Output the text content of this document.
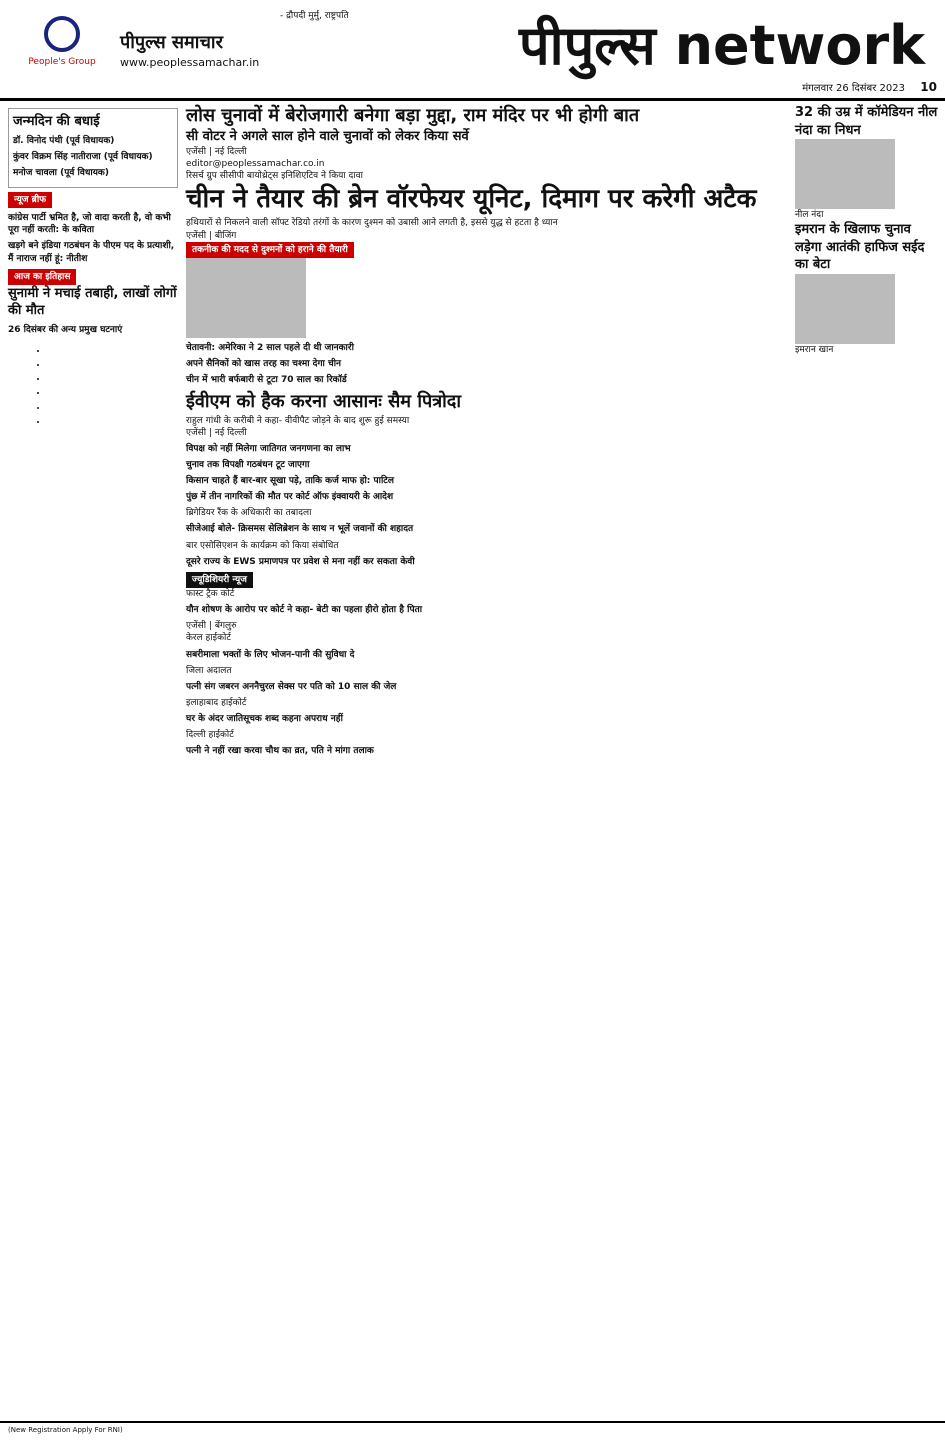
People's Group
पीपुल्स समाचार
www.peoplessamachar.in
- द्रौपदी मुर्मु, राष्ट्रपति	पीपुल्स network
मंगलवार 26 दिसंबर 2023 10
जन्मदिन की बधाई
डॉ. विनोद पंथी (पूर्व विधायक)
कुंवर विक्रम सिंह नातीराजा (पूर्व विधायक)
मनोज चावला (पूर्व विधायक)
न्यूज ब्रीफ
कांग्रेस पार्टी भ्रमित है, जो वादा करती है, वो कभी पूरा नहीं करती: के कविता
खड़गे बने इंडिया गठबंधन के पीएम पद के प्रत्याशी, मैं नाराज नहीं हूं: नीतीश
आज का इतिहास
सुनामी ने मचाई तबाही, लाखों लोगों की मौत
26 दिसंबर की अन्य प्रमुख घटनाएं
•
•
•
•
•
•
लोस चुनावों में बेरोजगारी बनेगा बड़ा मुद्दा, राम मंदिर पर भी होगी बात
सी वोटर ने अगले साल होने वाले चुनावों को लेकर किया सर्वे
एजेंसी | नई दिल्ली
editor@peoplessamachar.co.in
रिसर्च ग्रुप सीसीपी बायोथ्रेट्स इनिशिएटिव ने किया दावा
चीन ने तैयार की ब्रेन वॉरफेयर यूनिट, दिमाग पर करेगी अटैक
हथियारों से निकलने वाली सॉफ्ट रेडियो तरंगों के कारण दुश्मन को उबासी आने लगती है, इससे युद्ध से हटता है ध्यान
एजेंसी | बीजिंग
तकनीक की मदद से दुश्मनों को हराने की तैयारी
चेतावनी: अमेरिका ने 2 साल पहले दी थी जानकारी
अपने सैनिकों को खास तरह का चश्मा देगा चीन
चीन में भारी बर्फबारी से टूटा 70 साल का रिकॉर्ड
ईवीएम को हैक करना आसानः सैम पित्रोदा
राहुल गांधी के करीबी ने कहा- वीवीपैट जोड़ने के बाद शुरू हुई समस्या
एजेंसी | नई दिल्ली
विपक्ष को नहीं मिलेगा जातिगत जनगणना का लाभ
चुनाव तक विपक्षी गठबंधन टूट जाएगा
किसान चाहते हैं बार-बार सूखा पड़े, ताकि कर्ज माफ हो: पाटिल
पुंछ में तीन नागरिकों की मौत पर कोर्ट ऑफ इंक्वायरी के आदेश
ब्रिगेडियर रैंक के अधिकारी का तबादला
सीजेआई बोले- क्रिसमस सेलिब्रेशन के साथ न भूलें जवानों की शहादत
बार एसोसिएशन के कार्यक्रम को किया संबोधित
दूसरे राज्य के EWS प्रमाणपत्र पर प्रवेश से मना नहीं कर सकता केवी
ज्यूडिशियरी न्यूज
फास्ट ट्रैक कोर्ट
यौन शोषण के आरोप पर कोर्ट ने कहा- बेटी का पहला हीरो होता है पिता
एजेंसी | बेंगलुरु
केरल हाईकोर्ट
सबरीमाला भक्तों के लिए भोजन-पानी की सुविधा दे
जिला अदालत
पत्नी संग जबरन अननैचुरल सेक्स पर पति को 10 साल की जेल
इलाहाबाद हाईकोर्ट
घर के अंदर जातिसूचक शब्द कहना अपराध नहीं
दिल्ली हाईकोर्ट
पत्नी ने नहीं रखा करवा चौथ का व्रत, पति ने मांगा तलाक
32 की उम्र में कॉमेडियन नील नंदा का निधन
नील नंदा
इमरान के खिलाफ चुनाव लड़ेगा आतंकी हाफिज सईद का बेटा
इमरान खान
(New Registration Apply For RNI)
